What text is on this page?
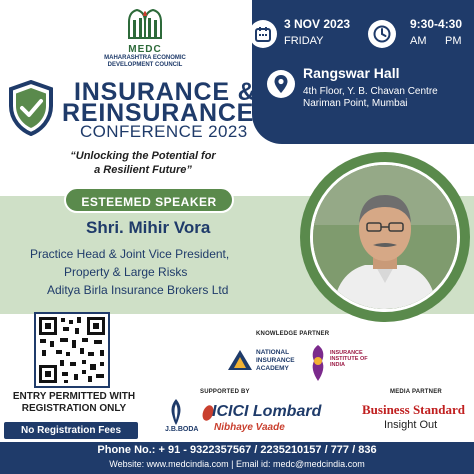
3 NOV 2023
FRIDAY
9:30-4:30
AM PM
Rangswar Hall
4th Floor, Y. B. Chavan Centre
Nariman Point, Mumbai
MEDC
MAHARASHTRA ECONOMIC
DEVELOPMENT COUNCIL
INSURANCE &
REINSURANCE
CONFERENCE 2023
“Unlocking the Potential for
a Resilient Future”
ESTEEMED SPEAKER
Shri. Mihir Vora
Practice Head & Joint Vice President,
Property & Large Risks
Aditya Birla Insurance Brokers Ltd
ENTRY PERMITTED WITH
REGISTRATION ONLY
No Registration Fees
KNOWLEDGE PARTNER
NATIONAL
INSURANCE
ACADEMY
INSURANCE
INSTITUTE OF
INDIA
SUPPORTED BY
J.B.BODA
ICICI Lombard
Nibhaye Vaade
MEDIA PARTNER
Business Standard
Insight Out
Phone No.: + 91 - 9322357567 / 2235210157 / 777 / 836
Website: www.medcindia.com | Email id: medc@medcindia.com
